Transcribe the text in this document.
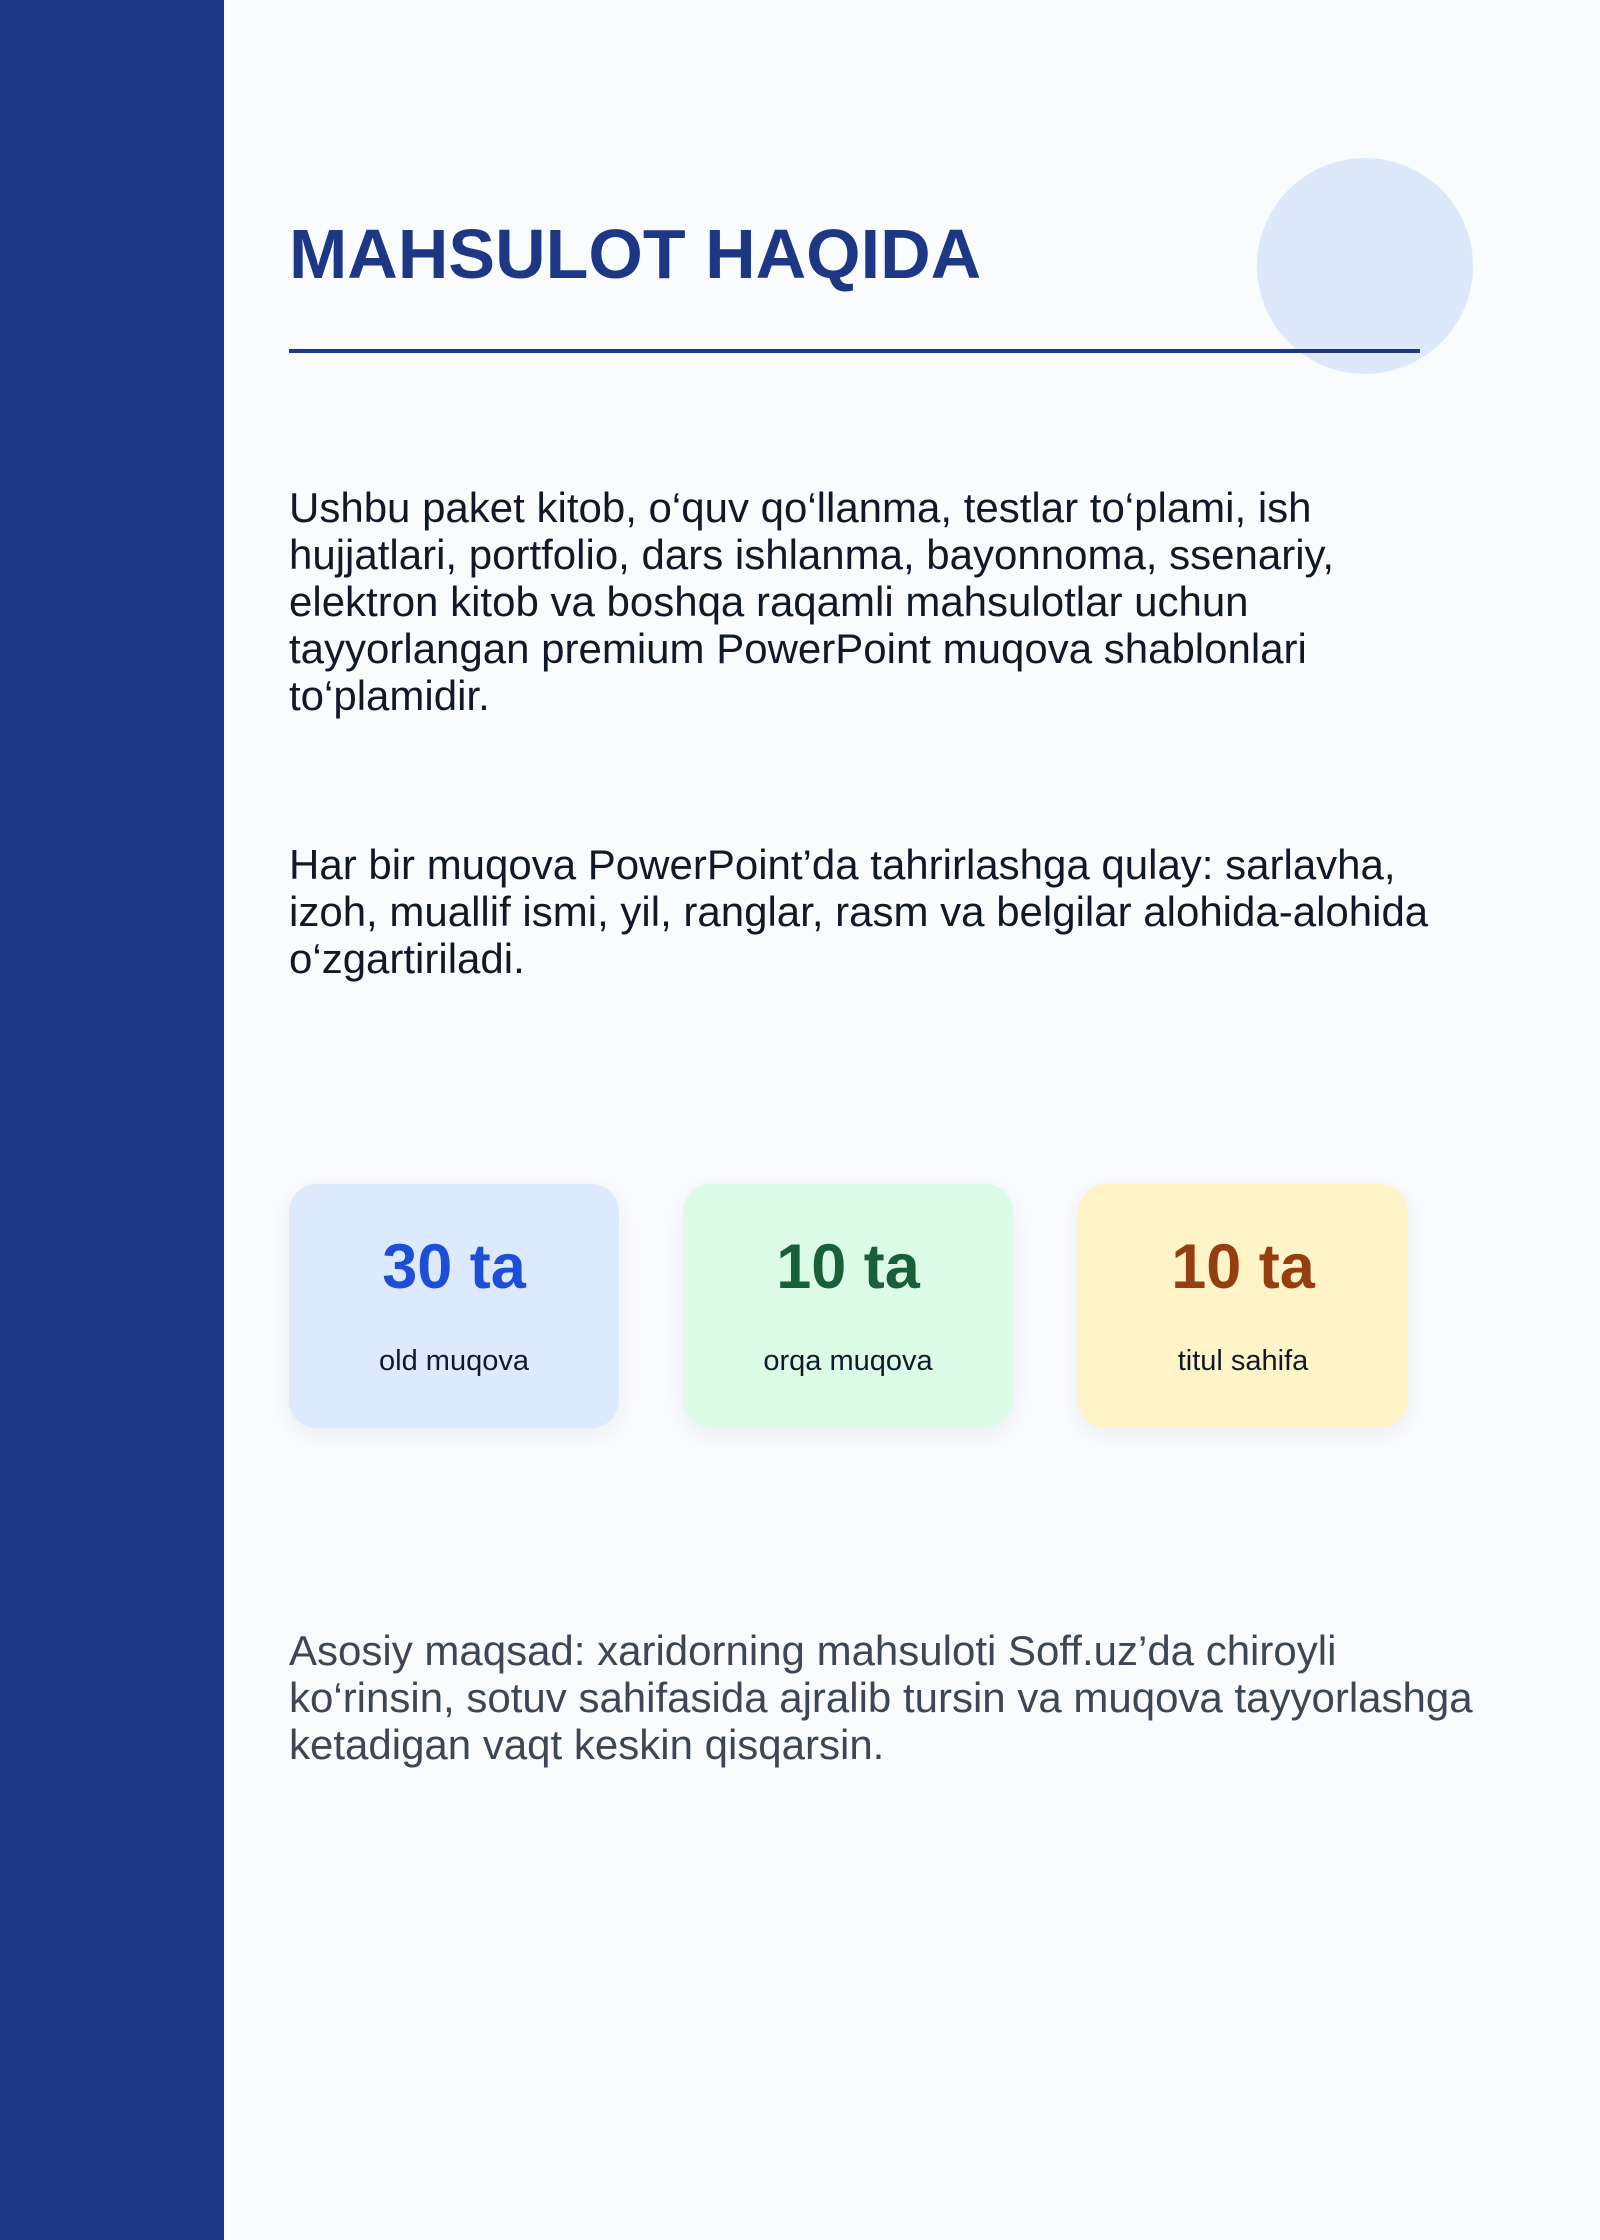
MAHSULOT HAQIDA

Ushbu paket kitob, o‘quv qo‘llanma, testlar to‘plami, ish hujjatlari, portfolio, dars ishlanma, bayonnoma, ssenariy, elektron kitob va boshqa raqamli mahsulotlar uchun tayyorlangan premium PowerPoint muqova shablonlari to‘plamidir.

Har bir muqova PowerPoint’da tahrirlashga qulay: sarlavha, izoh, muallif ismi, yil, ranglar, rasm va belgilar alohida-alohida o‘zgartiriladi.

30 ta
old muqova
10 ta
orqa muqova
10 ta
titul sahifa

Asosiy maqsad: xaridorning mahsuloti Soff.uz’da chiroyli ko‘rinsin, sotuv sahifasida ajralib tursin va muqova tayyorlashga ketadigan vaqt keskin qisqarsin.
